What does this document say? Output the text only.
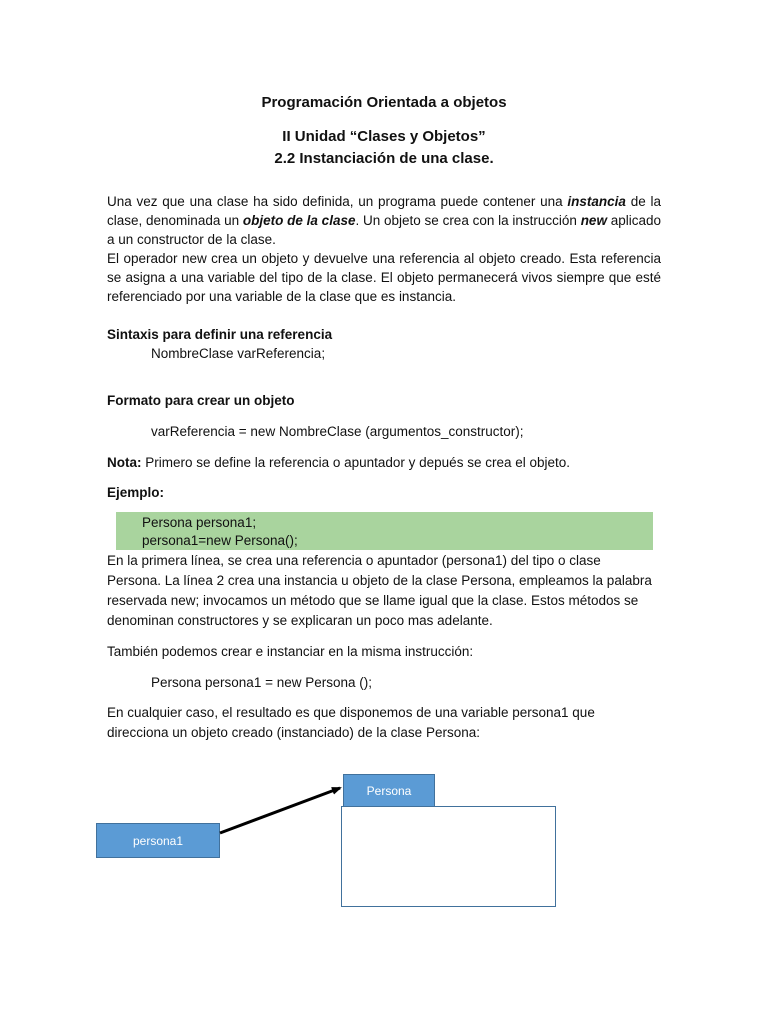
Programación Orientada a objetos
II Unidad “Clases y Objetos”
2.2 Instanciación de una clase.

Una vez que una clase ha sido definida, un programa puede contener una instancia de la clase, denominada un objeto de la clase. Un objeto se crea con la instrucción new aplicado a un constructor de la clase.

El operador new crea un objeto y devuelve una referencia al objeto creado. Esta referencia se asigna a una variable del tipo de la clase. El objeto permanecerá vivos siempre que esté referenciado por una variable de la clase que es instancia.

Sintaxis para definir una referencia

NombreClase varReferencia;

Formato para crear un objeto

varReferencia = new NombreClase (argumentos_constructor);

Nota: Primero se define la referencia o apuntador y depués se crea el objeto.

Ejemplo:

Persona persona1;
persona1=new Persona();

En la primera línea, se crea una referencia o apuntador (persona1) del tipo o clase

Persona. La línea 2 crea una instancia u objeto de la clase Persona, empleamos la palabra

reservada new; invocamos un método que se llame igual que la clase. Estos métodos se

denominan constructores y se explicaran un poco mas adelante.

También podemos crear e instanciar en la misma instrucción:

Persona persona1 = new Persona ();

En cualquier caso, el resultado es que disponemos de una variable persona1 que

direcciona un objeto creado (instanciado) de la clase Persona:

Persona
persona1
